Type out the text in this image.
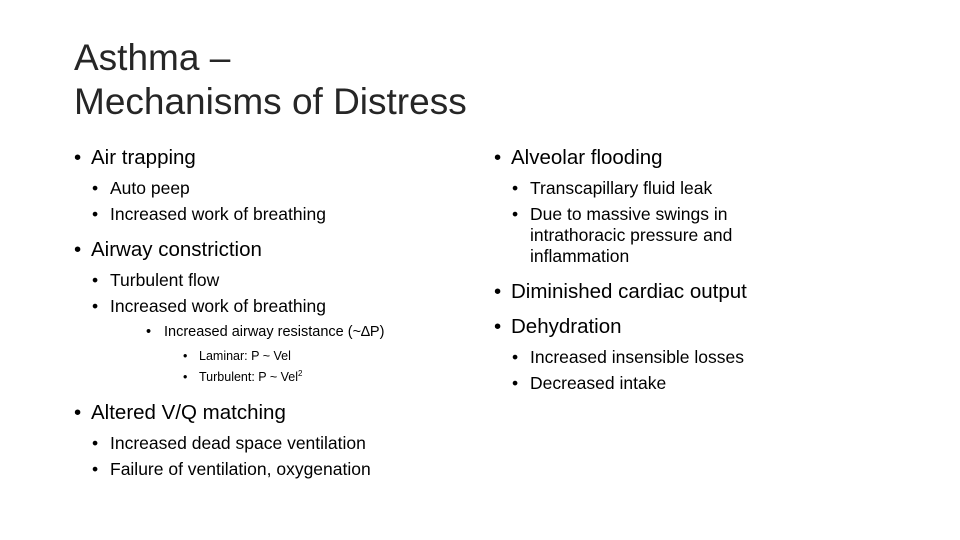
Asthma –
Mechanisms of Distress
• Air trapping
• Auto peep
• Increased work of breathing
• Airway constriction
• Turbulent flow
• Increased work of breathing
• Increased airway resistance (~∆P)
• Laminar: P ~ Vel
• Turbulent: P ~ Vel$^2$
• Altered V/Q matching
• Increased dead space ventilation
• Failure of ventilation, oxygenation
• Alveolar flooding
• Transcapillary fluid leak
• Due to massive swings in
intrathoracic pressure and
inflammation
• Diminished cardiac output
• Dehydration
• Increased insensible losses
• Decreased intake
